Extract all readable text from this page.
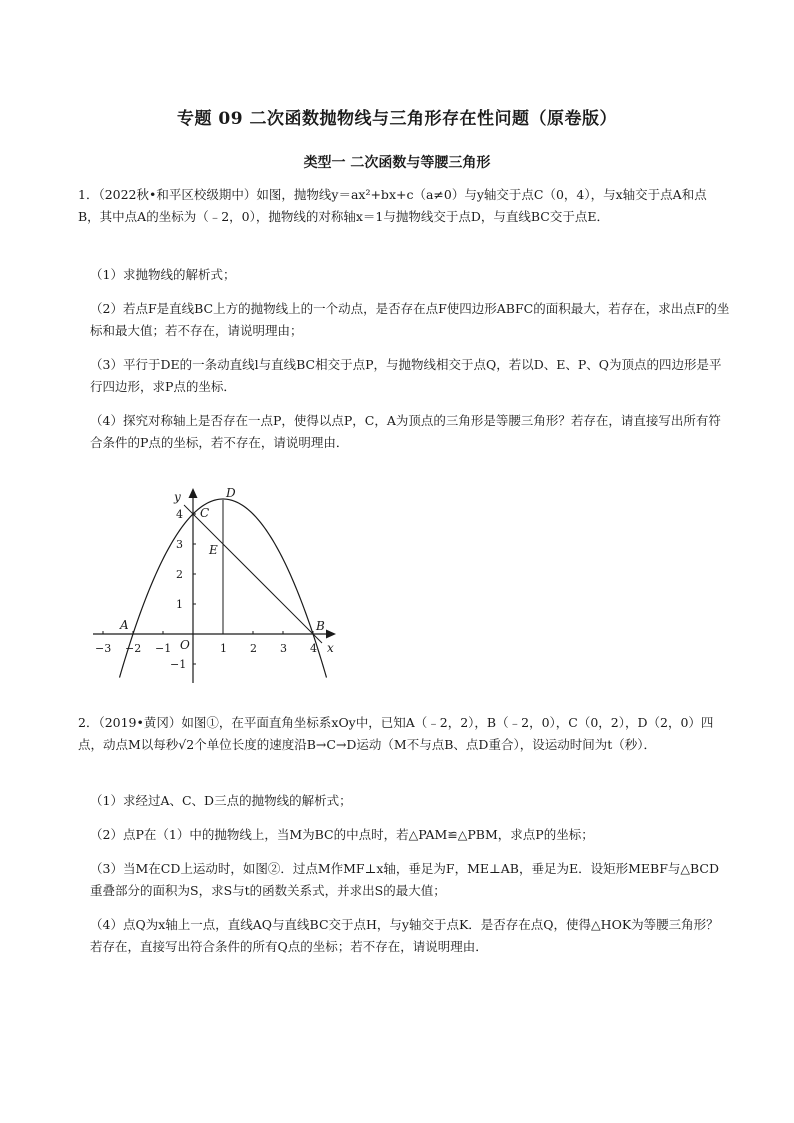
专题 09 二次函数抛物线与三角形存在性问题（原卷版）
类型一 二次函数与等腰三角形
1．（2022秋•和平区校级期中）如图，抛物线y＝ax²+bx+c（a≠0）与y轴交于点C（0，4），与x轴交于点A和点B，其中点A的坐标为（﹣2，0），抛物线的对称轴x＝1与抛物线交于点D，与直线BC交于点E．
（1）求抛物线的解析式；
（2）若点F是直线BC上方的抛物线上的一个动点，是否存在点F使四边形ABFC的面积最大，若存在，求出点F的坐标和最大值；若不存在，请说明理由；
（3）平行于DE的一条动直线l与直线BC相交于点P，与抛物线相交于点Q，若以D、E、P、Q为顶点的四边形是平行四边形，求P点的坐标．
（4）探究对称轴上是否存在一点P，使得以点P，C，A为顶点的三角形是等腰三角形？若存在，请直接写出所有符合条件的P点的坐标，若不存在，请说明理由．
−3 −2 −1	1 2 3 4
4
3
2
1
−1
y
x
O
A	B
C
D
E
2．（2019•黄冈）如图①，在平面直角坐标系xOy中，已知A（﹣2，2），B（﹣2，0），C（0，2），D（2，0）四点，动点M以每秒√2个单位长度的速度沿B→C→D运动（M不与点B、点D重合），设运动时间为t（秒）．
（1）求经过A、C、D三点的抛物线的解析式；
（2）点P在（1）中的抛物线上，当M为BC的中点时，若△PAM≌△PBM，求点P的坐标；
（3）当M在CD上运动时，如图②．过点M作MF⊥x轴，垂足为F，ME⊥AB，垂足为E．设矩形MEBF与△BCD重叠部分的面积为S，求S与t的函数关系式，并求出S的最大值；
（4）点Q为x轴上一点，直线AQ与直线BC交于点H，与y轴交于点K．是否存在点Q，使得△HOK为等腰三角形？若存在，直接写出符合条件的所有Q点的坐标；若不存在，请说明理由．
